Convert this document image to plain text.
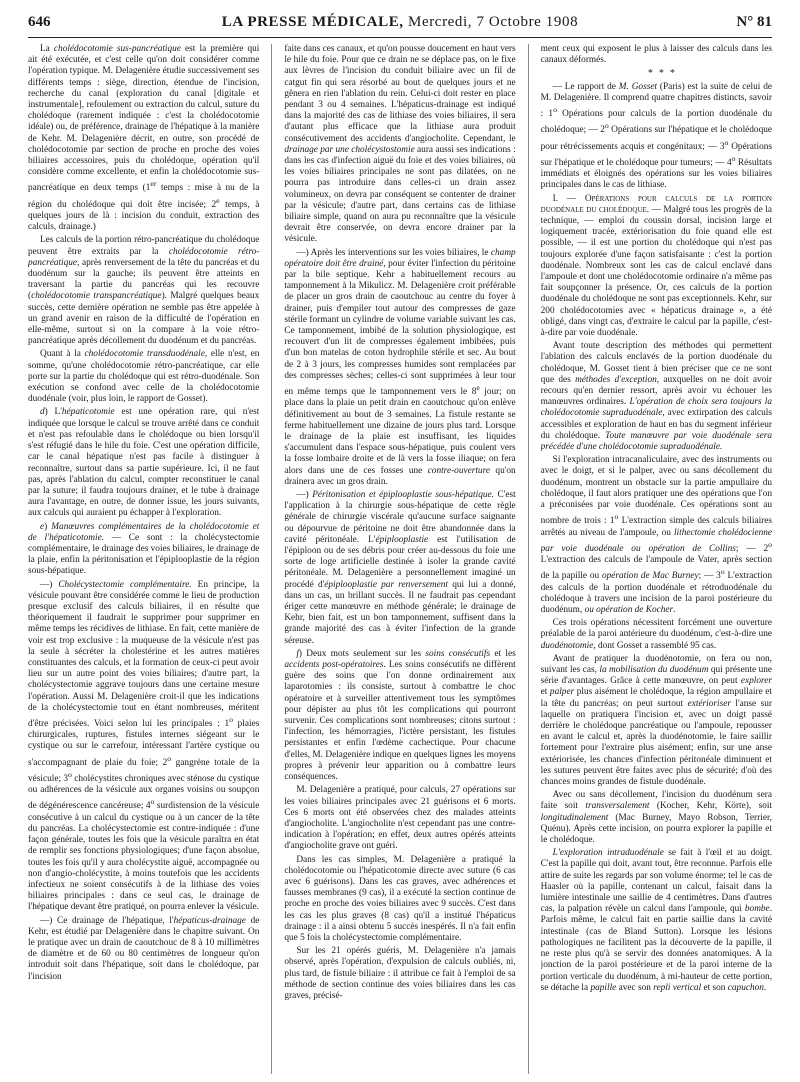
646	LA PRESSE MÉDICALE, Mercredi, 7 Octobre 1908	N° 81

La cholédocotomie sus-pancréatique est la première qui ait été exécutée, et c'est celle qu'on doit considérer comme l'opération typique. M. Delagenière étudie successivement ses différents temps : siège, direction, étendue de l'incision, recherche du canal (exploration du canal [digitale et instrumentale], refoulement ou extraction du calcul, suture du cholédoque (rarement indiquée : c'est la cholédocotomie idéale) ou, de préférence, drainage de l'hépatique à la manière de Kehr. M. Delagenière décrit, en outre, son procédé de cholédocotomie par section de proche en proche des voies biliaires accessoires, puis du cholédoque, opération qu'il considère comme excellente, et enfin la cholédocotomie sus-pancréatique en deux temps (1er temps : mise à nu de la région du cholédoque qui doit être incisée; 2e temps, à quelques jours de là : incision du conduit, extraction des calculs, drainage.)

Les calculs de la portion rétro-pancréatique du cholédoque peuvent être extraits par la cholédocotomie rétro-pancréatique, après renversement de la tête du pancréas et du duodénum sur la gauche; ils peuvent être atteints en traversant la partie du pancréas qui les recouvre (cholédocotomie transpancréatique). Malgré quelques beaux succès, cette dernière opération ne semble pas être appelée à un grand avenir en raison de la difficulté de l'opération en elle-même, surtout si on la compare à la voie rétro-pancréatique après décollement du duodénum et du pancréas.

Quant à la cholédocotomie transduodénale, elle n'est, en somme, qu'une cholédocotomie rétro-pancréatique, car elle porte sur la partie du cholédoque qui est rétro-duodénale. Son exécution se confond avec celle de la cholédocotomie duodénale (voir, plus loin, le rapport de Gosset).

d) L'hépaticotomie est une opération rare, qui n'est indiquée que lorsque le calcul se trouve arrêté dans ce conduit et n'est pas refoulable dans le cholédoque ou bien lorsqu'il s'est réfugié dans le hile du foie. C'est une opération difficile, car le canal hépatique n'est pas facile à distinguer à reconnaître, surtout dans sa partie supérieure. Ici, il ne faut pas, après l'ablation du calcul, compter reconstituer le canal par la suture; il faudra toujours drainer, et le tube à drainage aura l'avantage, en outre, de donner issue, les jours suivants, aux calculs qui auraient pu échapper à l'exploration.

e) Manœuvres complémentaires de la cholédocotomie et de l'hépaticotomie. — Ce sont : la cholécystectomie complémentaire, le drainage des voies biliaires, le drainage de la plaie, enfin la péritonisation et l'épiplooplastie de la région sous-hépatique.

—) Cholécystectomie complémentaire. En principe, la vésicule pouvant être considérée comme le lieu de production presque exclusif des calculs biliaires, il en résulte que théoriquement il faudrait le supprimer pour supprimer en même temps les récidives de lithiase. En fait, cette manière de voir est trop exclusive : la muqueuse de la vésicule n'est pas la seule à sécréter la cholestérine et les autres matières constituantes des calculs, et la formation de ceux-ci peut avoir lieu sur un autre point des voies biliaires; d'autre part, la cholécystectomie aggrave toujours dans une certaine mesure l'opération. Aussi M. Delagenière croit-il que les indications de la cholécystectomie tout en étant nombreuses, méritent d'être précisées. Voici selon lui les principales : 1$^o$ plaies chirurgicales, ruptures, fistules internes siégeant sur le cystique ou sur le carrefour, intéressant l'artère cystique ou s'accompagnant de plaie du foie; 2$^o$ gangrène totale de la vésicule; 3$^o$ cholécystites chroniques avec sténose du cystique ou adhérences de la vésicule aux organes voisins ou soupçon de dégénérescence cancéreuse; 4$^o$ surdistension de la vésicule consécutive à un calcul du cystique ou à un cancer de la tête du pancréas. La cholécystectomie est contre-indiquée : d'une façon générale, toutes les fois que la vésicule paraîtra en état de remplir ses fonctions physiologiques; d'une façon absolue, toutes les fois qu'il y aura cholécystite aiguë, accompagnée ou non d'angio-cholécystite, à moins toutefois que les accidents infectieux ne soient consécutifs à de la lithiase des voies biliaires principales : dans ce seul cas, le drainage de l'hépatique devant être pratiqué, on pourra enlever la vésicule.

—) Ce drainage de l'hépatique, l'hépaticus-drainage de Kehr, est étudié par Delagenière dans le chapitre suivant. On le pratique avec un drain de caoutchouc de 8 à 10 millimètres de diamètre et de 60 ou 80 centimètres de longueur qu'on introduit soit dans l'hépatique, soit dans le cholédoque, par l'incision

faite dans ces canaux, et qu'on pousse doucement en haut vers le hile du foie. Pour que ce drain ne se déplace pas, on le fixe aux lèvres de l'incision du conduit biliaire avec un fil de catgut fin qui sera résorbé au bout de quelques jours et ne gênera en rien l'ablation du rein. Celui-ci doit rester en place pendant 3 ou 4 semaines. L'hépaticus-drainage est indiqué dans la majorité des cas de lithiase des voies biliaires, il sera d'autant plus efficace que la lithiase aura produit consécutivement des accidents d'angiocholite. Cependant, le drainage par une cholécystostomie aura aussi ses indications : dans les cas d'infection aiguë du foie et des voies biliaires, où les voies biliaires principales ne sont pas dilatées, on ne pourra pas introduire dans celles-ci un drain assez volumineux, on devra par conséquent se contenter de drainer par la vésicule; d'autre part, dans certains cas de lithiase biliaire simple, quand on aura pu reconnaître que la vésicule devrait être conservée, on devra encore drainer par la vésicule.

—) Après les interventions sur les voies biliaires, le champ opératoire doit être drainé, pour éviter l'infection du péritoine par la bile septique. Kehr a habituellement recours au tamponnement à la Mikulicz. M. Delagenière croit préférable de placer un gros drain de caoutchouc au centre du foyer à drainer, puis d'empiler tout autour des compresses de gaze stérile formant un cylindre de volume variable suivant les cas. Ce tamponnement, imbibé de la solution physiologique, est recouvert d'un lit de compresses également imbibées, puis d'un bon matelas de coton hydrophile stérile et sec. Au bout de 2 à 3 jours, les compresses humides sont remplacées par des compresses sèches; celles-ci sont supprimées à leur tour en même temps que le tamponnement vers le 8e jour; on place dans la plaie un petit drain en caoutchouc qu'on enlève définitivement au bout de 3 semaines. La fistule restante se ferme habituellement une dizaine de jours plus tard. Lorsque le drainage de la plaie est insuffisant, les liquides s'accumulent dans l'espace sous-hépatique, puis coulent vers la fosse lombaire droite et de là vers la fosse iliaque; on fera alors dans une de ces fosses une contre-ouverture qu'on drainera avec un gros drain.

—) Péritonisation et épiplooplastie sous-hépatique. C'est l'application à la chirurgie sous-hépatique de cette règle générale de chirurgie viscérale qu'aucune surface saignante ou dépourvue de péritoine ne doit être abandonnée dans la cavité péritonéale. L'épiplooplastie est l'utilisation de l'épiploon ou de ses débris pour créer au-dessous du foie une sorte de loge artificielle destinée à isoler la grande cavité péritonéale. M. Delagenière a personnellement imaginé un procédé d'épiplooplastie par renversement qui lui a donné, dans un cas, un brillant succès. Il ne faudrait pas cependant ériger cette manœuvre en méthode générale; le drainage de Kehr, bien fait, est un bon tamponnement, suffisent dans la grande majorité des cas à éviter l'infection de la grande séreuse.

f) Deux mots seulement sur les soins consécutifs et les accidents post-opératoires. Les soins consécutifs ne diffèrent guère des soins que l'on donne ordinairement aux laparotomies : ils consiste, surtout à combattre le choc opératoire et à surveiller attentivement tous les symptômes pour dépister au plus tôt les complications qui pourront survenir. Ces complications sont nombreuses; citons surtout : l'infection, les hémorragies, l'ictère persistant, les fistules persistantes et enfin l'œdème cachectique. Pour chacune d'elles, M. Delagenière indique en quelques lignes les moyens propres à prévenir leur apparition ou à combattre leurs conséquences.

M. Delagenière a pratiqué, pour calculs, 27 opérations sur les voies biliaires principales avec 21 guérisons et 6 morts. Ces 6 morts ont été observées chez des malades atteints d'angiocholite. L'angiocholite n'est cependant pas une contre-indication à l'opération; en effet, deux autres opérés atteints d'angiocholite grave ont guéri.

Dans les cas simples, M. Delagenière a pratiqué la cholédocotomie ou l'hépaticotomie directe avec suture (6 cas avec 6 guérisons). Dans les cas graves, avec adhérences et fausses membranes (9 cas), il a exécuté la section continue de proche en proche des voies biliaires avec 9 succès. C'est dans les cas les plus graves (8 cas) qu'il a institué l'hépaticus drainage : il a ainsi obtenu 5 succès inespérés. Il n'a fait enfin que 5 fois la cholécystectomie complémentaire.

Sur les 21 opérés guéris, M. Delagenière n'a jamais observé, après l'opération, d'expulsion de calculs oubliés, ni, plus tard, de fistule biliaire : il attribue ce fait à l'emploi de sa méthode de section continue des voies biliaires dans les cas graves, précisé-

ment ceux qui exposent le plus à laisser des calculs dans les canaux déformés.

* * *

— Le rapport de M. Gosset (Paris) est la suite de celui de M. Delagenière. Il comprend quatre chapitres distincts, savoir : 1$^o$ Opérations pour calculs de la portion duodénale du cholédoque; — 2$^o$ Opérations sur l'hépatique et le cholédoque pour rétrécissements acquis et congénitaux; — 3$^o$ Opérations sur l'hépatique et le cholédoque pour tumeurs; — 4$^o$ Résultats immédiats et éloignés des opérations sur les voies biliaires principales dans le cas de lithiase.

I. — Opérations pour calculs de la portion duodénale du cholédoque. — Malgré tous les progrès de la technique, — emploi du coussin dorsal, incision large et logiquement tracée, extériorisation du foie quand elle est possible, — il est une portion du cholédoque qui n'est pas toujours explorée d'une façon satisfaisante : c'est la portion duodénale. Nombreux sont les cas de calcul enclavé dans l'ampoule et dont une cholédocotomie ordinaire n'a même pas fait soupçonner la présence. Or, ces calculs de la portion duodénale du cholédoque ne sont pas exceptionnels. Kehr, sur 200 cholédocotomies avec « hépaticus drainage », a été obligé, dans vingt cas, d'extraire le calcul par la papille, c'est-à-dire par voie duodénale.

Avant toute description des méthodes qui permettent l'ablation des calculs enclavés de la portion duodénale du cholédoque, M. Gosset tient à bien préciser que ce ne sont que des méthodes d'exception, auxquelles on ne doit avoir recours qu'en dernier ressort, après avoir vu échouer les manœuvres ordinaires. L'opération de choix sera toujours la cholédocotomie supraduodénale, avec extirpation des calculs accessibles et exploration de haut en bas du segment inférieur du cholédoque. Toute manœuvre par voie duodénale sera précédée d'une cholédocotomie supraduodénale.

Si l'exploration intracanaliculaire, avec des instruments ou avec le doigt, et si le palper, avec ou sans décollement du duodénum, montrent un obstacle sur la partie ampullaire du cholédoque, il faut alors pratiquer une des opérations que l'on a préconisées par voie duodénale. Ces opérations sont au nombre de trois : 1$^o$ L'extraction simple des calculs biliaires arrêtés au niveau de l'ampoule, ou lithectomie cholédocienne par voie duodénale ou opération de Collins; — 2$^o$ L'extraction des calculs de l'ampoule de Vater, après section de la papille ou opération de Mac Burney; — 3$^o$ L'extraction des calculs de la portion duodénale et rétroduodénale du cholédoque à travers une incision de la paroi postérieure du duodénum, ou opération de Kocher.

Ces trois opérations nécessitent forcément une ouverture préalable de la paroi antérieure du duodénum, c'est-à-dire une duodénotomie, dont Gosset a rassemblé 95 cas.

Avant de pratiquer la duodénotomie, on fera ou non, suivant les cas, la mobilisation du duodénum qui présente une série d'avantages. Grâce à cette manœuvre, on peut explorer et palper plus aisément le cholédoque, la région ampullaire et la tête du pancréas; on peut surtout extérioriser l'anse sur laquelle on pratiquera l'incision et, avec un doigt passé derrière le cholédoque pancréatique ou l'ampoule, repousser en avant le calcul et, après la duodénotomie, le faire saillir fortement pour l'extraire plus aisément; enfin, sur une anse extériorisée, les chances d'infection péritonéale diminuent et les sutures peuvent être faites avec plus de sécurité; d'où des chances moins grandes de fistule duodénale.

Avec ou sans décollement, l'incision du duodénum sera faite soit transversalement (Kocher, Kehr, Körte), soit longitudinalement (Mac Burney, Mayo Robson, Terrier, Quénu). Après cette incision, on pourra explorer la papille et le cholédoque.

L'exploration intraduodénale se fait à l'œil et au doigt. C'est la papille qui doit, avant tout, être reconnue. Parfois elle attire de suite les regards par son volume énorme; tel le cas de Haasler où la papille, contenant un calcul, faisait dans la lumière intestinale une saillie de 4 centimètres. Dans d'autres cas, la palpation révèle un calcul dans l'ampoule, qui bombe. Parfois même, le calcul fait en partie saillie dans la cavité intestinale (cas de Bland Sutton). Lorsque les lésions pathologiques ne facilitent pas la découverte de la papille, il ne reste plus qu'à se servir des données anatomiques. A la jonction de la paroi postérieure et de la paroi interne de la portion verticale du duodénum, à mi-hauteur de cette portion, se détache la papille avec son repli vertical et son capuchon.
